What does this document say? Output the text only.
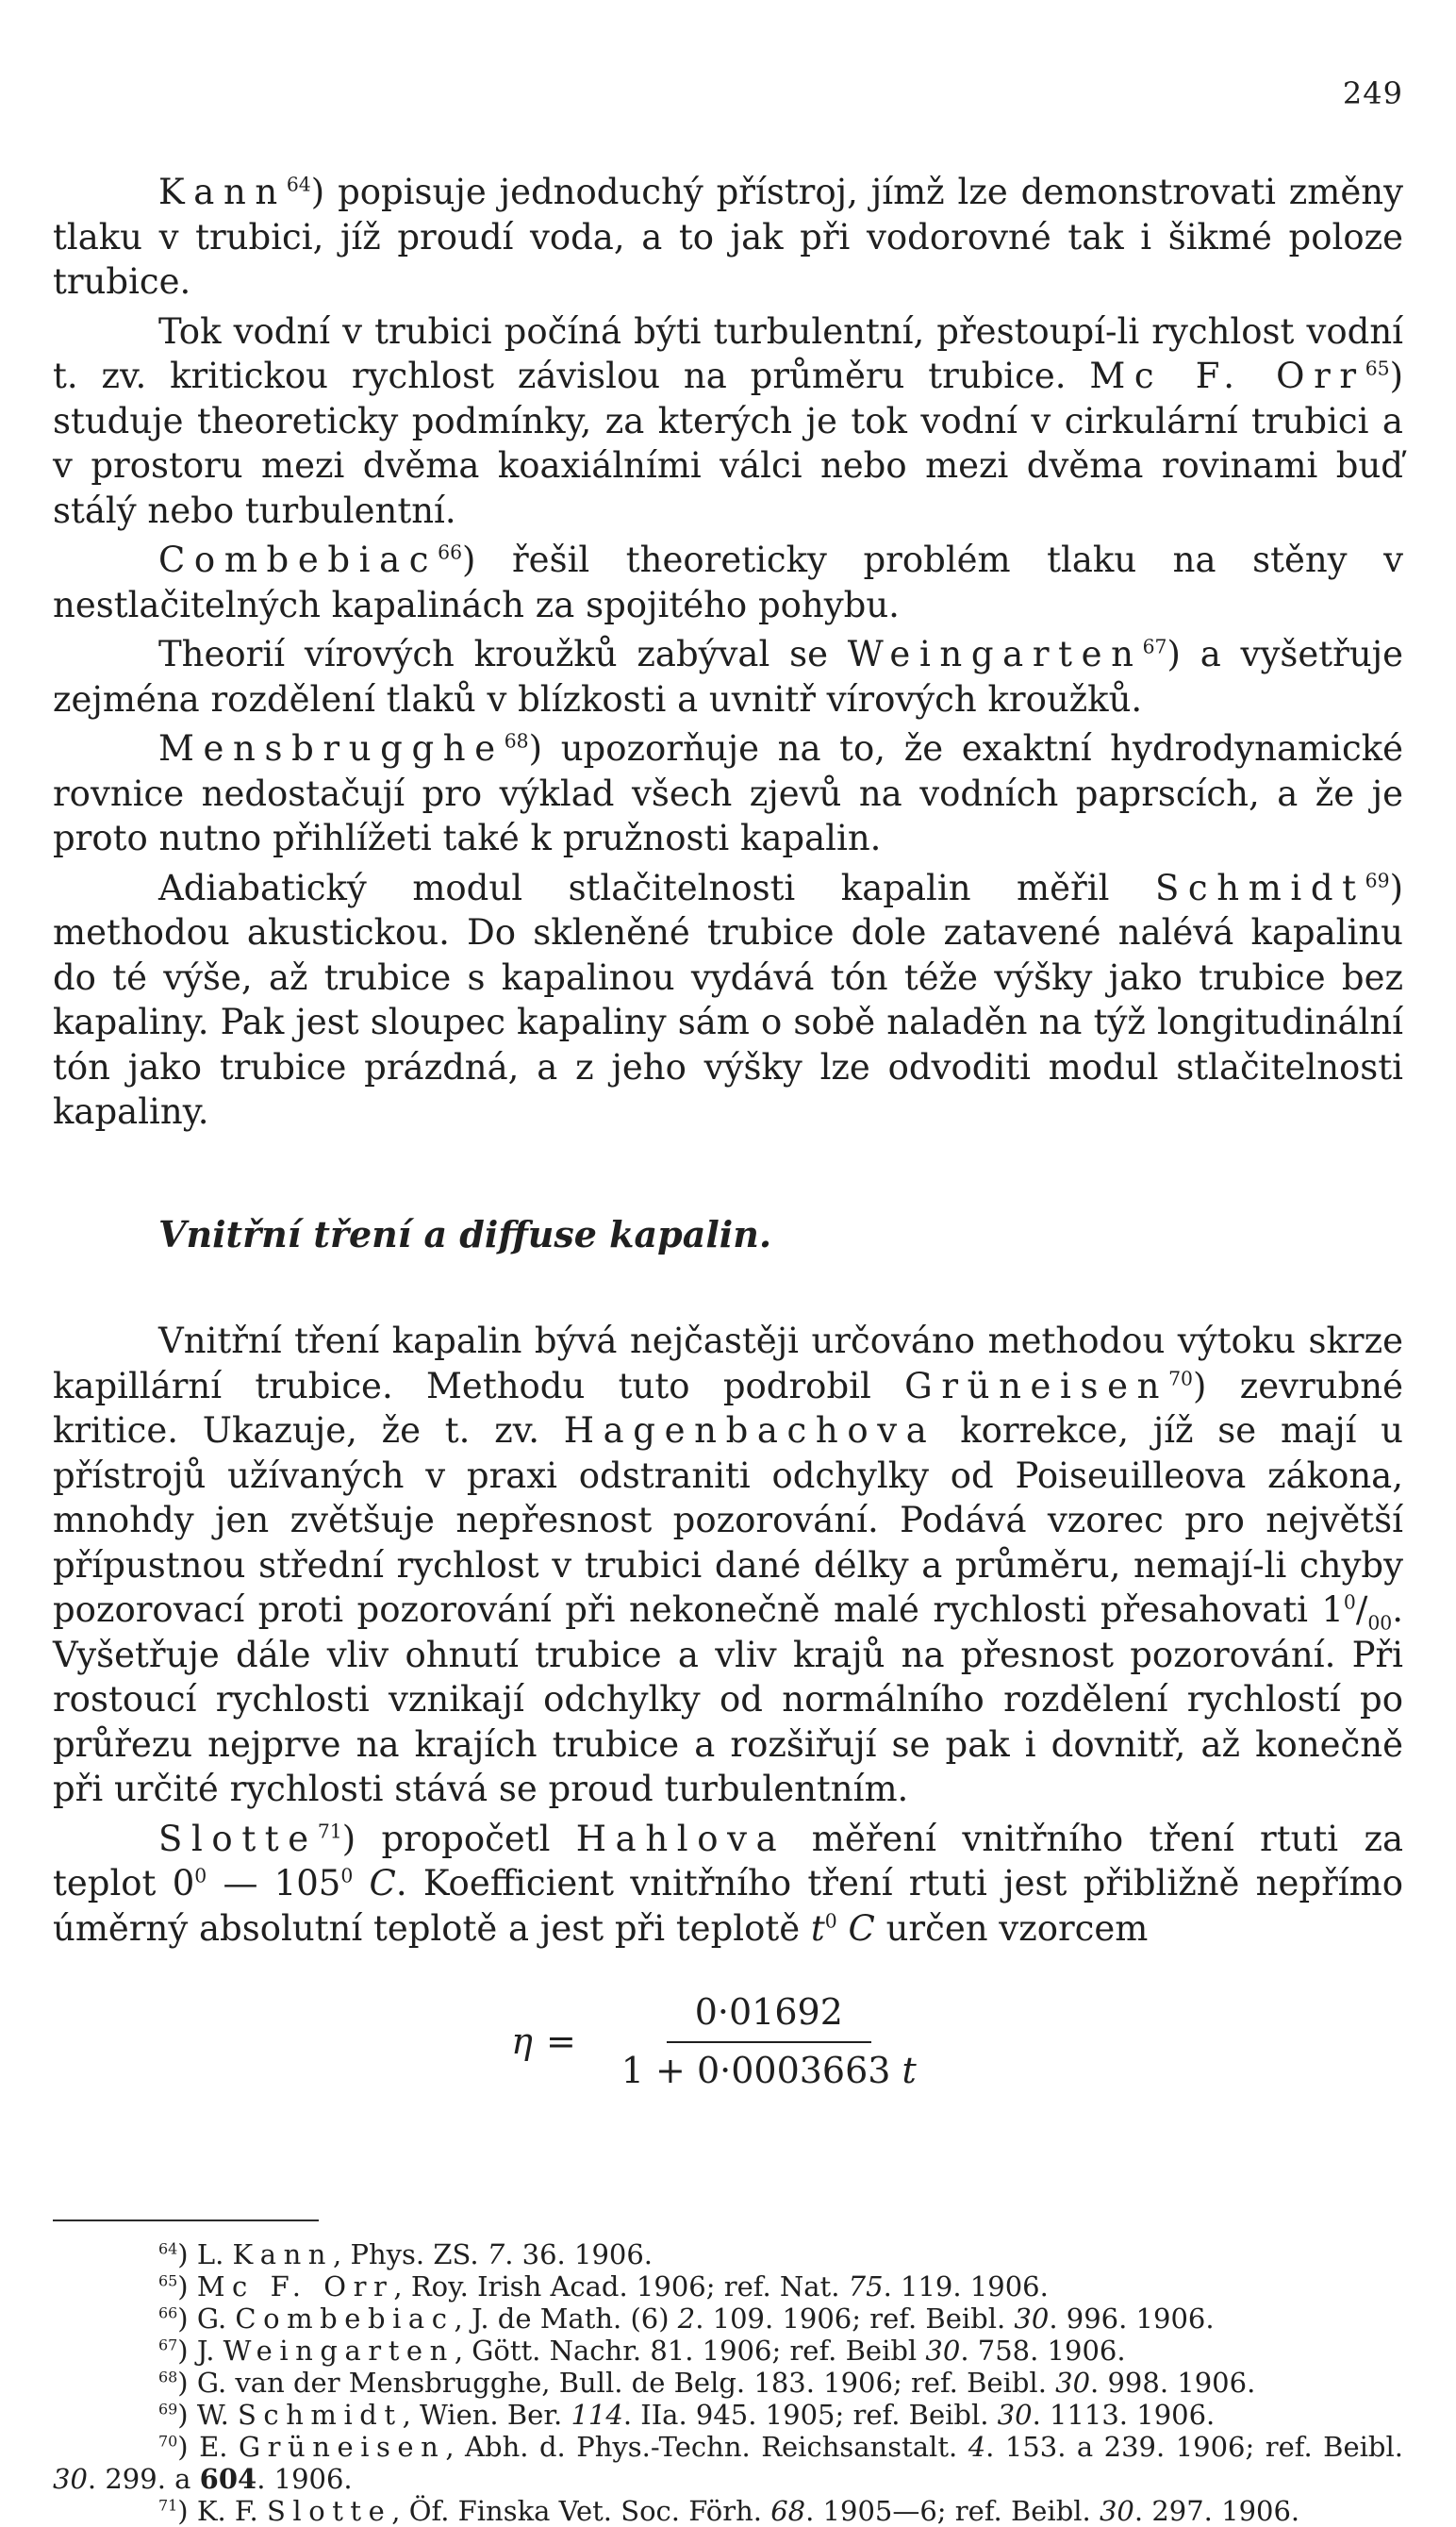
249

Kann$^{64}$) popisuje jednoduchý přístroj, jímž lze demonstrovati změny tlaku v trubici, jíž proudí voda, a to jak při vodorovné tak i šikmé poloze trubice.

Tok vodní v trubici počíná býti turbulentní, přestoupí-li rychlost vodní t. zv. kritickou rychlost závislou na průměru trubice. Mc F. Orr$^{65}$) studuje theoreticky podmínky, za kterých je tok vodní v cirkulární trubici a v prostoru mezi dvěma koaxiálními válci nebo mezi dvěma rovinami buď stálý nebo turbulentní.

Combebiac$^{66}$) řešil theoreticky problém tlaku na stěny v nestlačitelných kapalinách za spojitého pohybu.

Theorií vírových kroužků zabýval se Weingarten$^{67}$) a vyšetřuje zejména rozdělení tlaků v blízkosti a uvnitř vírových kroužků.

Mensbrugghe$^{68}$) upozorňuje na to, že exaktní hydrodynamické rovnice nedostačují pro výklad všech zjevů na vodních paprscích, a že je proto nutno přihlížeti také k pružnosti kapalin.

Adiabatický modul stlačitelnosti kapalin měřil Schmidt$^{69}$) methodou akustickou. Do skleněné trubice dole zatavené nalévá kapalinu do té výše, až trubice s kapalinou vydává tón téže výšky jako trubice bez kapaliny. Pak jest sloupec kapaliny sám o sobě naladěn na týž longitudinální tón jako trubice prázdná, a z jeho výšky lze odvoditi modul stlačitelnosti kapaliny.

Vnitřní tření a diffuse kapalin.

Vnitřní tření kapalin bývá nejčastěji určováno methodou výtoku skrze kapillární trubice. Methodu tuto podrobil Grüneisen$^{70}$) zevrubné kritice. Ukazuje, že t. zv. Hagenbachova korrekce, jíž se mají u přístrojů užívaných v praxi odstraniti odchylky od Poiseuilleova zákona, mnohdy jen zvětšuje nepřesnost pozorování. Podává vzorec pro největší přípustnou střední rychlost v trubici dané délky a průměru, nemají-li chyby pozorovací proti pozorování při nekonečně malé rychlosti přesahovati $1^0/_{00}$. Vyšetřuje dále vliv ohnutí trubice a vliv krajů na přesnost pozorování. Při rostoucí rychlosti vznikají odchylky od normálního rozdělení rychlostí po průřezu nejprve na krajích trubice a rozšiřují se pak i dovnitř, až konečně při určité rychlosti stává se proud turbulentním.

Slotte$^{71}$) propočetl Hahlova měření vnitřního tření rtuti za teplot $0^0$ — $105^0$ C. Koefficient vnitřního tření rtuti jest přibližně nepřímo úměrný absolutní teplotě a jest při teplotě $t^0$ C určen vzorcem

$\eta = \frac{0\cdot 01692}{1 + 0\cdot 0003663 t}$

$^{64}$) L. Kann, Phys. ZS. 7. 36. 1906.

$^{65}$) Mc F. Orr, Roy. Irish Acad. 1906; ref. Nat. 75. 119. 1906.

$^{66}$) G. Combebiac, J. de Math. (6) 2. 109. 1906; ref. Beibl. 30. 996. 1906.

$^{67}$) J. Weingarten, Gött. Nachr. 81. 1906; ref. Beibl 30. 758. 1906.

$^{68}$) G. van der Mensbrugghe, Bull. de Belg. 183. 1906; ref. Beibl. 30. 998. 1906.

$^{69}$) W. Schmidt, Wien. Ber. 114. IIa. 945. 1905; ref. Beibl. 30. 1113. 1906.

$^{70}$) E. Grüneisen, Abh. d. Phys.-Techn. Reichsanstalt. 4. 153. a 239. 1906; ref. Beibl. 30. 299. a 604. 1906.

$^{71}$) K. F. Slotte, Öf. Finska Vet. Soc. Förh. 68. 1905—6; ref. Beibl. 30. 297. 1906.
